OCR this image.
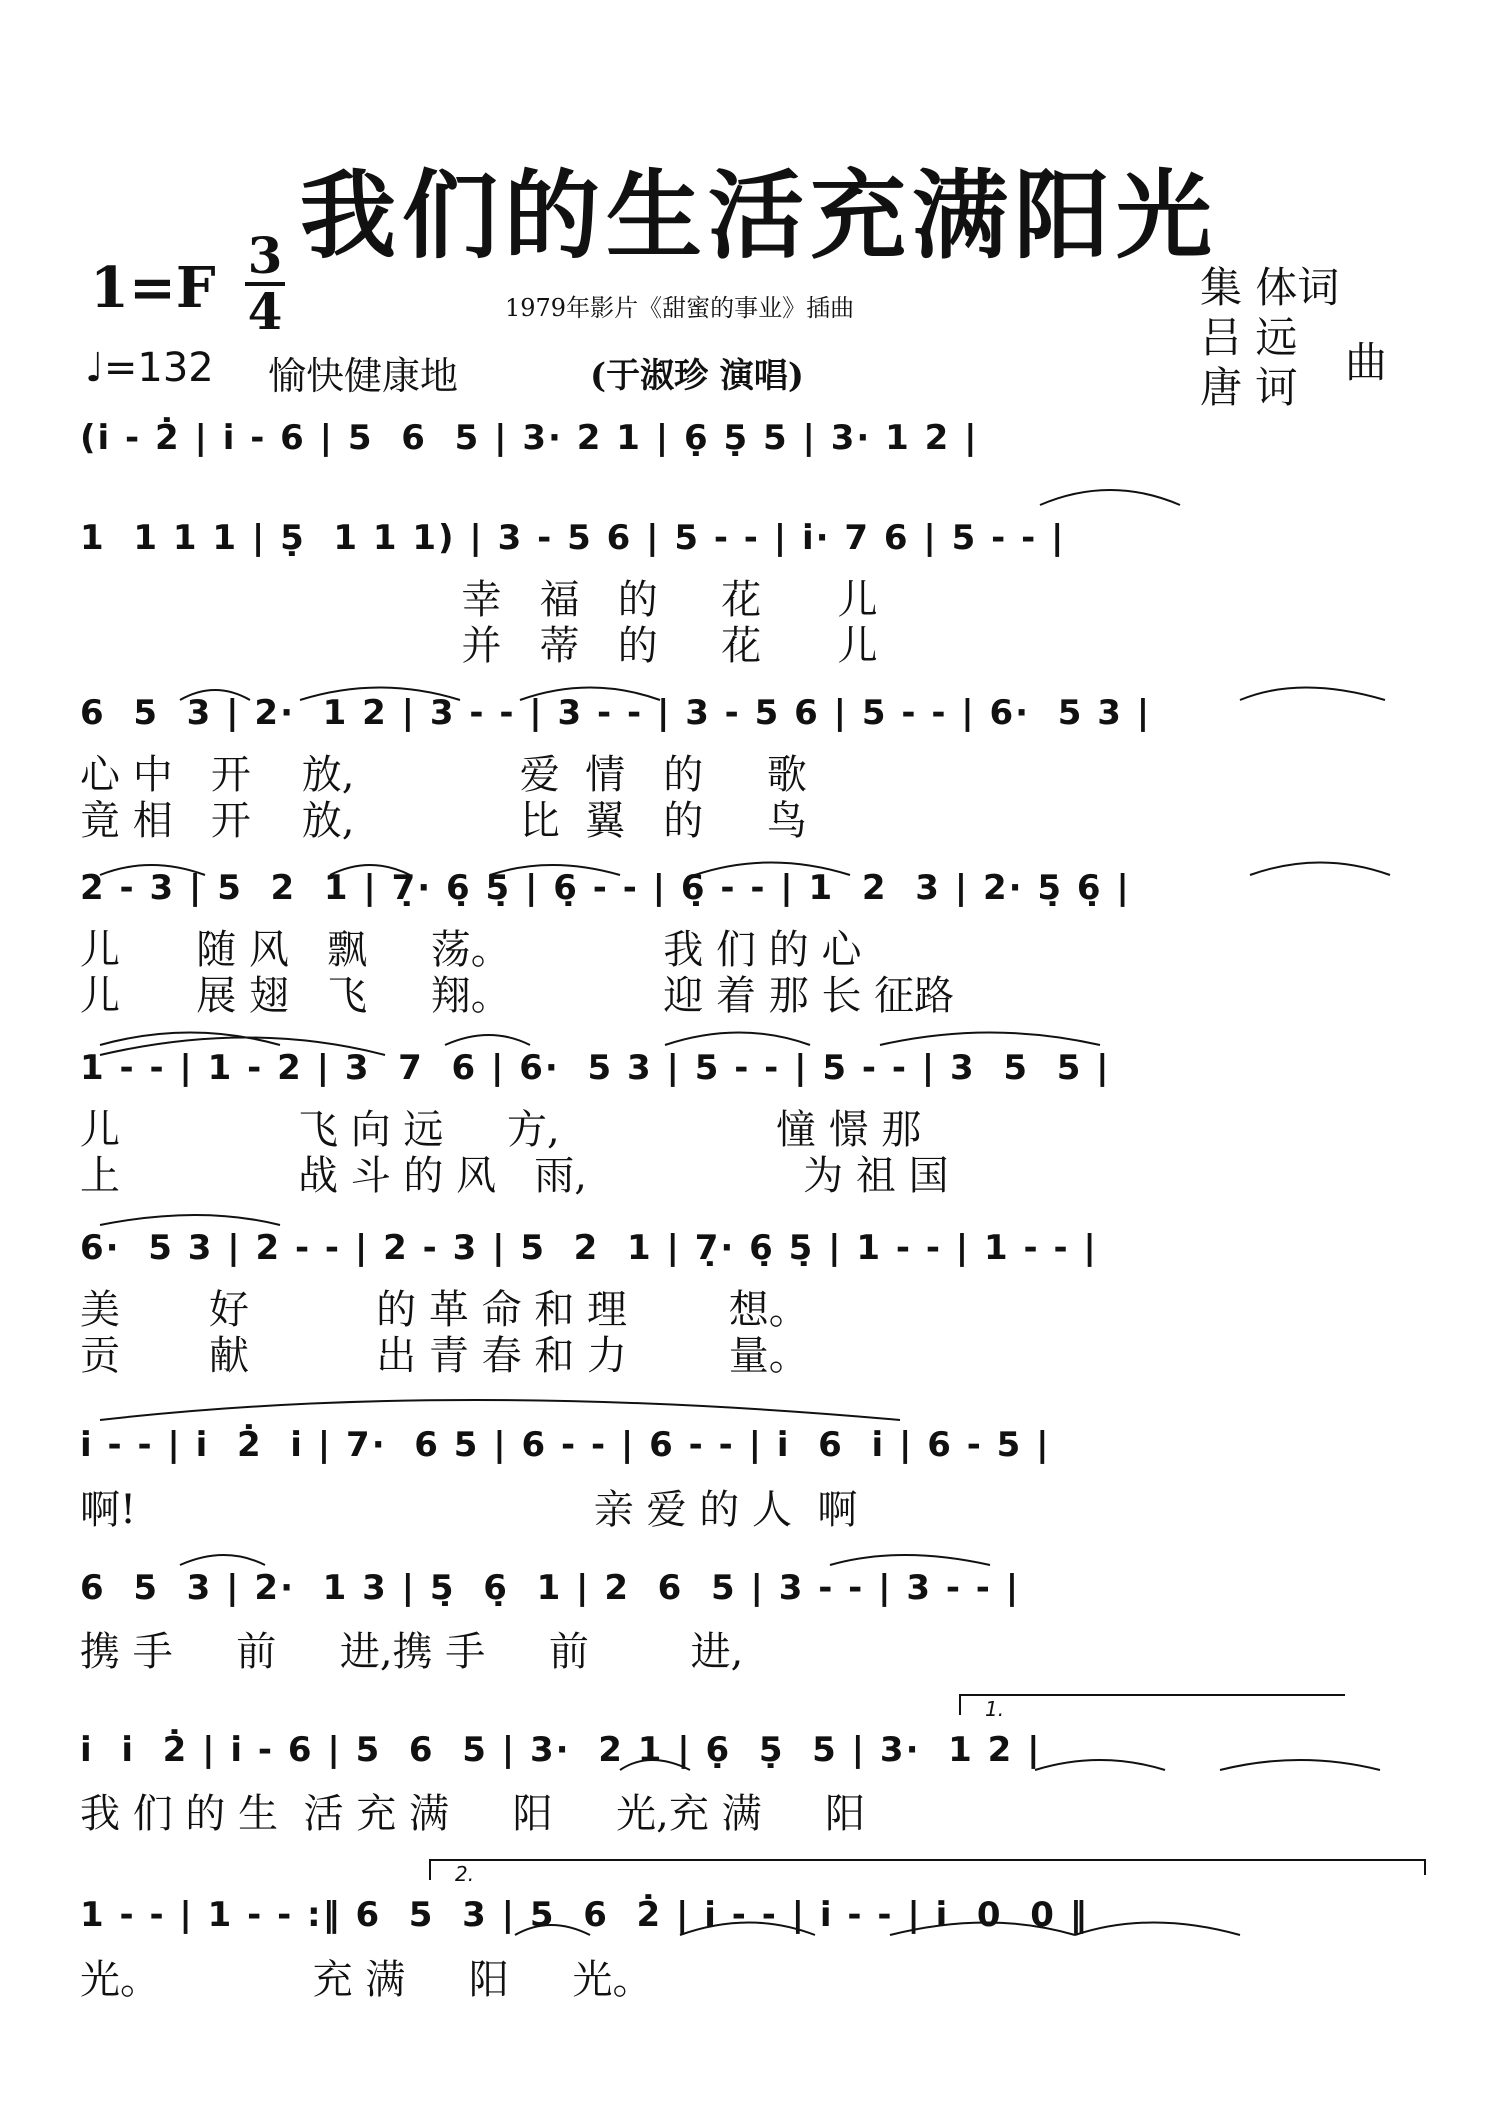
我们的生活充满阳光
1979年影片《甜蜜的事业》插曲
(于淑珍 演唱)
1=F 3
4
♩=132 愉快健康地
集 体词
吕 远
唐 诃
曲
(i̇ - 2̇ | i̇ - 6 | 5  6  5 | 3· 2 1 | 6̣ 5̣ 5 | 3· 1 2 |
1  1 1 1 | 5̣  1 1 1) | 3 - 5 6 | 5 - - | i̇· 7 6 | 5 - - |
幸   福   的     花      儿
并   蒂   的     花      儿
6  5  3 | 2·  1 2 | 3 - - | 3 - - | 3 - 5 6 | 5 - - | 6·  5 3 |
心 中   开    放,             爱  情   的     歌
竟 相   开    放,             比  翼   的     鸟
2 - 3 | 5  2  1 | 7̣· 6̣ 5̣ | 6̣ - - | 6̣ - - | 1  2  3 | 2· 5̣ 6̣ |
儿      随 风   飘     荡。            我 们 的 心
儿      展 翅   飞     翔。            迎 着 那 长 征路
1 - - | 1 - 2 | 3  7  6 | 6·  5 3 | 5 - - | 5 - - | 3  5  5 |
儿              飞 向 远     方,                 憧 憬 那
上              战 斗 的 风   雨,                 为 祖 国
6·  5 3 | 2 - - | 2 - 3 | 5  2  1 | 7̣· 6̣ 5̣ | 1 - - | 1 - - |
美       好          的 革 命 和 理        想。
贡       献          出 青 春 和 力        量。
i̇ - - | i̇  2̇  i̇ | 7·  6 5 | 6 - - | 6 - - | i̇  6  i̇ | 6 - 5 |
啊!                                    亲 爱 的 人  啊
6  5  3 | 2·  1 3 | 5̣  6̣  1 | 2  6  5 | 3 - - | 3 - - |
携 手     前     进,携 手     前        进,
1.
i̇  i̇  2̇ | i̇ - 6 | 5  6  5 | 3·  2 1 | 6̣  5̣  5 | 3·  1 2 |
我 们 的 生  活 充 满     阳     光,充 满     阳
2.
1 - - | 1 - - :‖ 6  5  3 | 5  6  2̇ | i̇ - - | i̇ - - | i̇  0  0 ‖
光。            充 满     阳     光。
